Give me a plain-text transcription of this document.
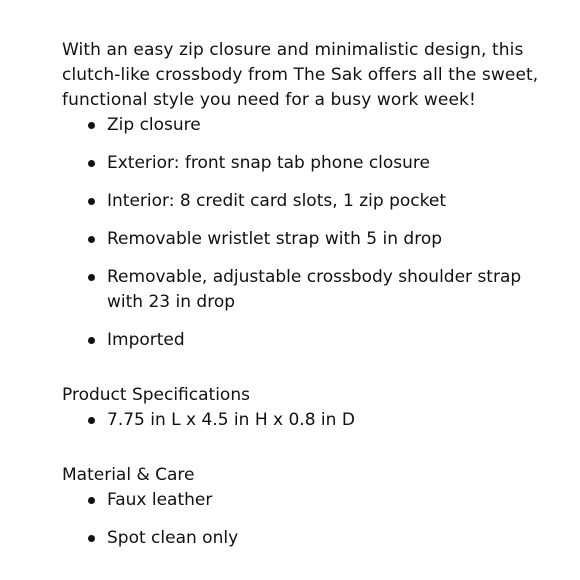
With an easy zip closure and minimalistic design, this clutch-like crossbody from The Sak offers all the sweet, functional style you need for a busy work week!

Zip closure
Exterior: front snap tab phone closure
Interior: 8 credit card slots, 1 zip pocket
Removable wristlet strap with 5 in drop
Removable, adjustable crossbody shoulder strap with 23 in drop
Imported

Product Specifications

7.75 in L x 4.5 in H x 0.8 in D

Material & Care

Faux leather
Spot clean only
